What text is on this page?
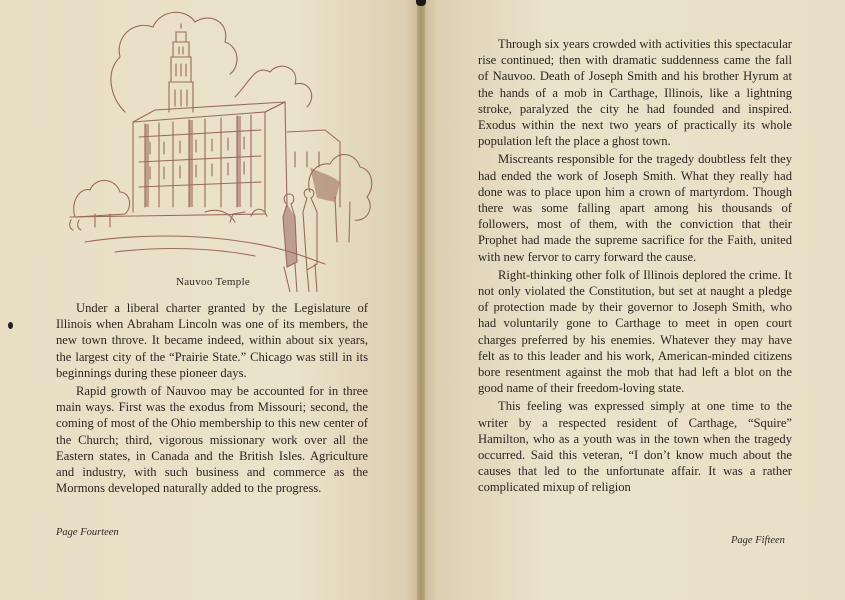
Nauvoo Temple

Under a liberal charter granted by the Legislature of Illinois when Abraham Lincoln was one of its members, the new town throve. It became indeed, within about six years, the largest city of the “Prairie State.” Chicago was still in its beginnings during these pioneer days.

Rapid growth of Nauvoo may be accounted for in three main ways. First was the exodus from Missouri; second, the coming of most of the Ohio membership to this new center of the Church; third, vigorous missionary work over all the Eastern states, in Canada and the British Isles. Agriculture and industry, with such business and commerce as the Mormons developed naturally added to the progress.

Page Fourteen

Through six years crowded with activities this spectacular rise continued; then with dramatic suddenness came the fall of Nauvoo. Death of Joseph Smith and his brother Hyrum at the hands of a mob in Carthage, Illinois, like a lightning stroke, paralyzed the city he had founded and inspired. Exodus within the next two years of practically its whole population left the place a ghost town.

Miscreants responsible for the tragedy doubtless felt they had ended the work of Joseph Smith. What they really had done was to place upon him a crown of martyrdom. Though there was some falling apart among his thousands of followers, most of them, with the conviction that their Prophet had made the supreme sacrifice for the Faith, united with new fervor to carry forward the cause.

Right-thinking other folk of Illinois deplored the crime. It not only violated the Constitution, but set at naught a pledge of protection made by their governor to Joseph Smith, who had voluntarily gone to Carthage to meet in open court charges preferred by his enemies. Whatever they may have felt as to this leader and his work, American-minded citizens bore resentment against the mob that had left a blot on the good name of their freedom-loving state.

This feeling was expressed simply at one time to the writer by a respected resident of Carthage, “Squire” Hamilton, who as a youth was in the town when the tragedy occurred. Said this veteran, “I don’t know much about the causes that led to the unfortunate affair. It was a rather complicated mixup of religion

Page Fifteen
